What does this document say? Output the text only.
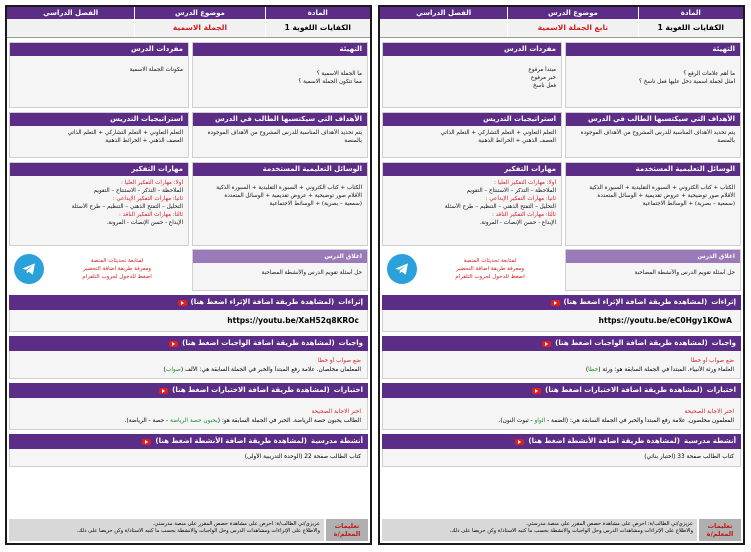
المادة
الكفايات اللغوية 1
موضوع الدرس
تابع الجملة الاسمية
الفصل الدراسي
التهيئة
ما أهم علامات الرفع ؟
أمثل لجملة اسمية دخل عليها فعل ناسخ ؟
مفردات الدرس
مبتدأ مرفوع
خبر مرفوع
فعل ناسخ
الأهداف التي سيكتسبها الطالب في الدرس
يتم تحديد الأهداف المناسبة للدرس المشروح من الأهداف الموجودة
بالمنصة
استراتيجيات التدريس
التعلم التعاوني + التعلم التشاركي + التعلم الذاتي
العصف الذهني + الخرائط الذهنية
الوسائل التعليمية المستخدمة
الكتاب + كتاب الكتروني + السبورة التقليدية + السبورة الذكية
الأقلام صور توضيحية + عروض تقديمية + الوسائل المتعددة
(سمعية – بصرية) + الوسائط الاجتماعية
اغلاق الدرس
حل أسئلة تقويم الدرس والأنشطة المصاحبة
مهارات التفكير
أولا: مهارات التفكير العليا :
الملاحظة – التذكر – الاستنتاج – التقويم
ثانيا: مهارات التفكير الإبداعي :
التحليل – التفتح الذهني – التنظيم – طرح الأسئلة
ثالثا: مهارات التفكير الناقد :
الإبداع - حسن الإنصات - المرونة.
لمتابعة تحديثات المنصة
ومعرفة طريقة اضافة التحضير
اضغط للدخول لجروب التلقرام
إثراءات
(لمشاهدة طريقة اضافة الإثراء اضغط هنا)
https://youtu.be/eC0Hgy1KOwA
واجبات
(لمشاهدة طريقة اضافة الواجبات اضغط هنا)
ضع صواب أو خطأ
العلماء ورثة الأنبياء. المبتدأ في الجملة السابقة هو: ورثة (خطأ)
اختبارات
(لمشاهدة طريقة اضافة الاختبارات اضغط هنا)
اختر الاجابة الصحيحة
المعلمون مخلصون. علامة رفع المبتدأ والخبر في الجملة السابقة هي: (الضمة - الواو - ثبوت النون).
أنشطة مدرسية
(لمشاهدة طريقة اضافة الأنشطة اضغط هنا)
كتاب الطالب صفحة 33 (اختبار بنائي)
تعليمات المعلم/ة
عزيزي/تي الطالب/ة: احرص على مشاهدة حصص المقرر على منصة مدرستي.
والاطلاع على الإثراءات ومشاهدات الدرس وحل الواجبات والأنشطة بحسب ما كتبه الأستاذ/ة وكن حريصا على ذلك.
المادة
الكفايات اللغوية 1
موضوع الدرس
الجملة الاسمية
الفصل الدراسي
التهيئة
ما الجملة الاسمية ؟
مما تتكون الجملة الاسمية ؟
مفردات الدرس
مكونات الجملة الاسمية
الأهداف التي سيكتسبها الطالب في الدرس
يتم تحديد الأهداف المناسبة للدرس المشروح من الأهداف الموجودة
بالمنصة
استراتيجيات التدريس
التعلم التعاوني + التعلم التشاركي + التعلم الذاتي
العصف الذهني + الخرائط الذهنية
الوسائل التعليمية المستخدمة
الكتاب + كتاب الكتروني + السبورة التقليدية + السبورة الذكية
الأقلام صور توضيحية + عروض تقديمية + الوسائل المتعددة
(سمعية – بصرية) + الوسائط الاجتماعية
اغلاق الدرس
حل أسئلة تقويم الدرس والأنشطة المصاحبة
مهارات التفكير
أولا: مهارات التفكير العليا :
الملاحظة – التذكر – الاستنتاج – التقويم
ثانيا: مهارات التفكير الإبداعي :
التحليل – التفتح الذهني – التنظيم – طرح الأسئلة
ثالثا: مهارات التفكير الناقد :
الإبداع - حسن الإنصات - المرونة.
لمتابعة تحديثات المنصة
ومعرفة طريقة اضافة التحضير
اضغط للدخول لجروب التلقرام
إثراءات
(لمشاهدة طريقة اضافة الإثراء اضغط هنا)
https://youtu.be/XaH52q8KROc
واجبات
(لمشاهدة طريقة اضافة الواجبات اضغط هنا)
ضع صواب أو خطأ
المعلمان مخلصان. علامة رفع المبتدأ والخبر في الجملة السابقة هي: الألف (صواب)
اختبارات
(لمشاهدة طريقة اضافة الاختبارات اضغط هنا)
اختر الاجابة الصحيحة
الطالب يحبون حصة الرياضة. الخبر في الجملة السابقة هو: (يحبون حصة الرياضة - حصة - الرياضة).
أنشطة مدرسية
(لمشاهدة طريقة اضافة الأنشطة اضغط هنا)
كتاب الطالب صفحة 22 (الوحدة التدريبية الأولى)
تعليمات المعلم/ة
عزيزي/تي الطالب/ة: احرص على مشاهدة حصص المقرر على منصة مدرستي.
والاطلاع على الإثراءات ومشاهدات الدرس وحل الواجبات والأنشطة بحسب ما كتبه الأستاذ/ة وكن حريصا على ذلك.
